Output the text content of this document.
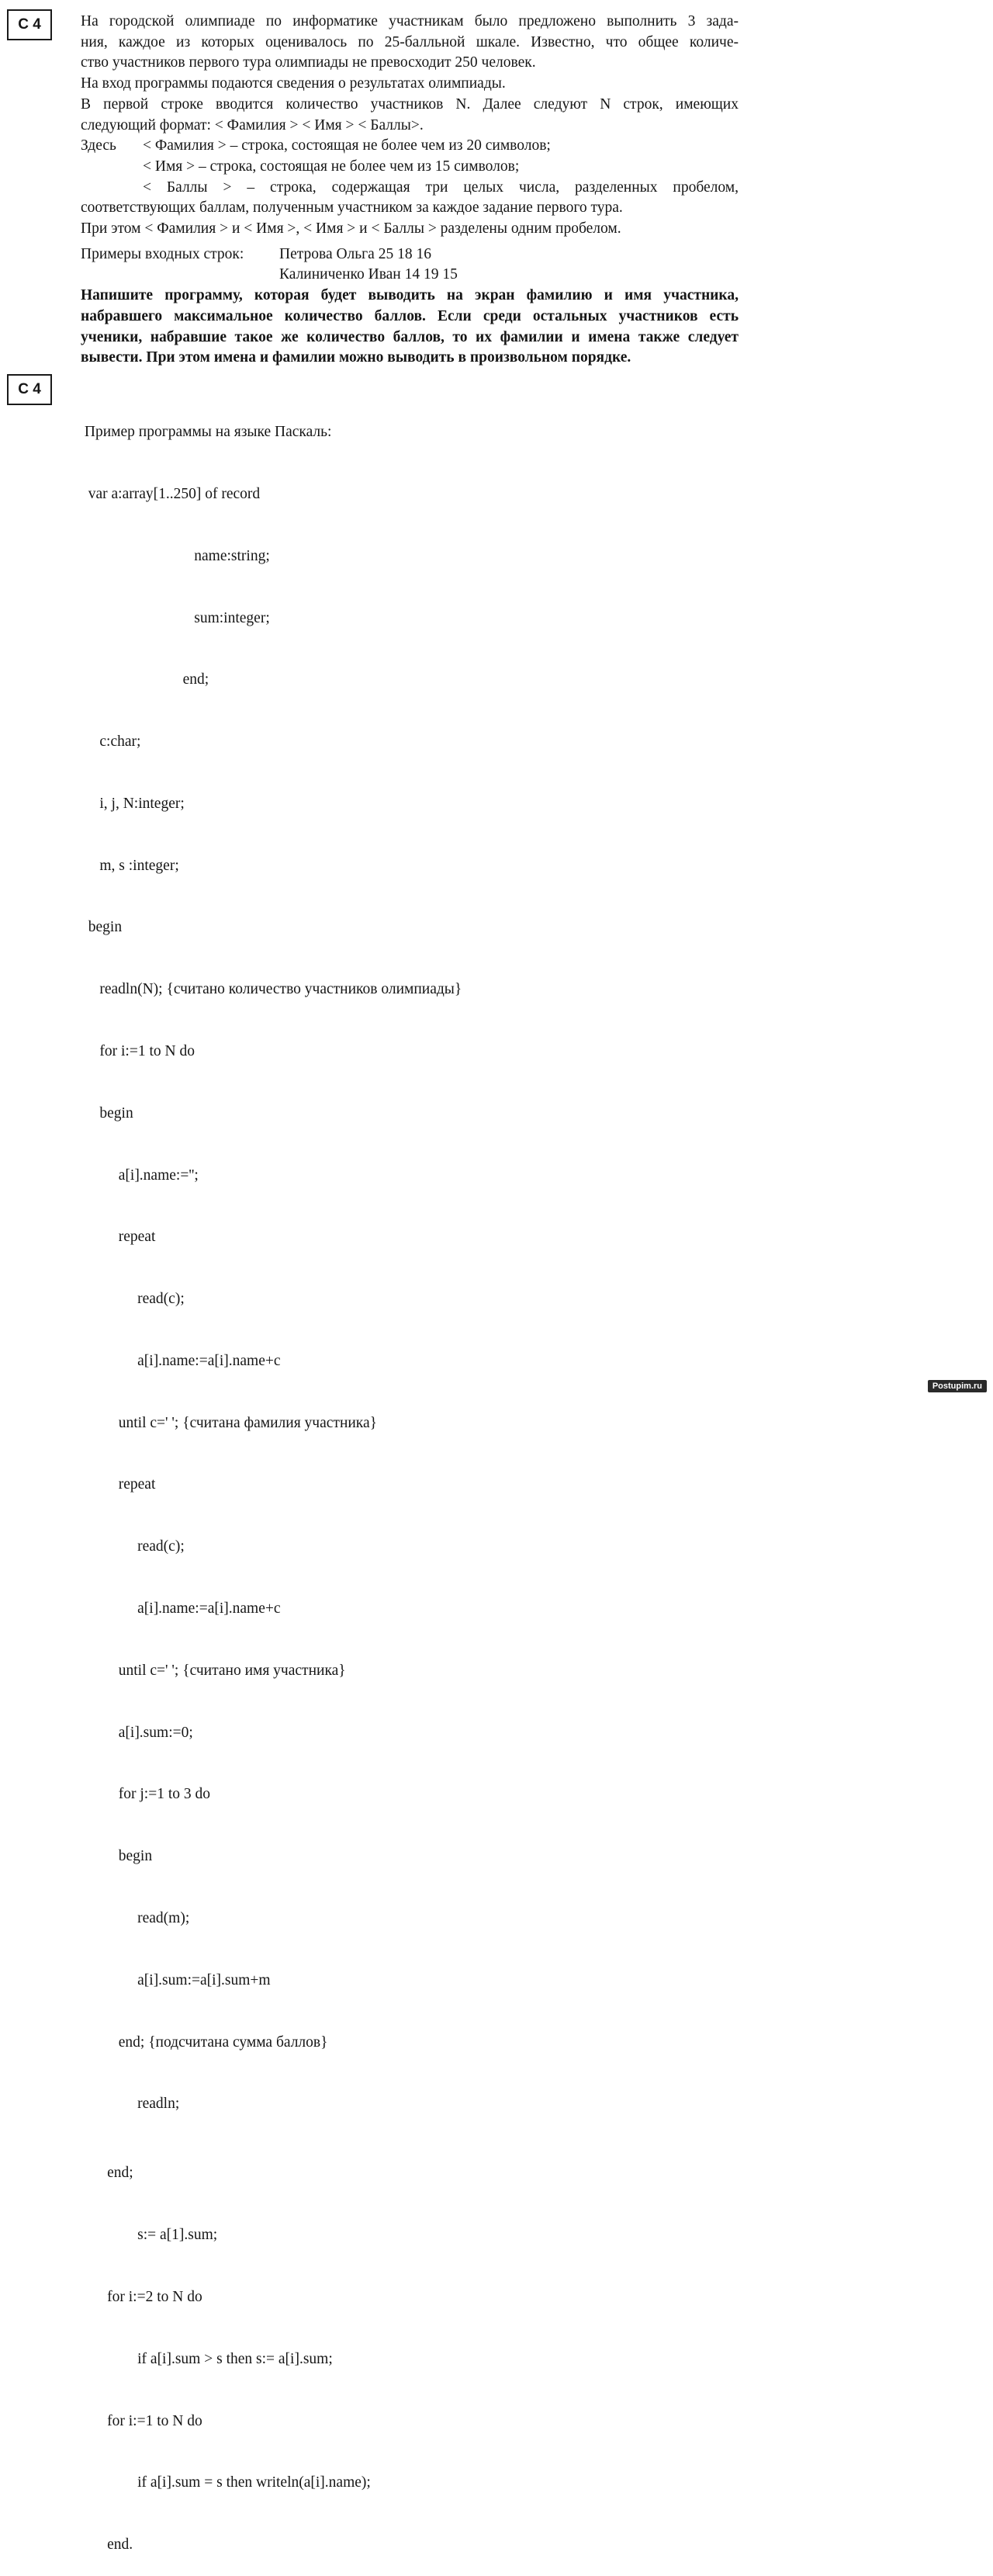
C 4	На городской олимпиаде по информатике участникам было предложено выполнить 3 зада-
ния, каждое из которых оценивалось по 25-балльной шкале. Известно, что общее количе-
ство участников первого тура олимпиады не превосходит 250 человек.
На вход программы подаются сведения о результатах олимпиады.
В первой строке вводится количество участников N. Далее следуют N строк, имеющих
следующий формат: < Фамилия > < Имя > < Баллы>.
Здесь	< Фамилия > – строка, состоящая не более чем из 20 символов;
< Имя > – строка, состоящая не более чем из 15 символов;
< Баллы > – строка, содержащая три целых числа, разделенных пробелом,
соответствующих баллам, полученным участником за каждое задание первого тура.
При этом < Фамилия > и < Имя >, < Имя > и < Баллы > разделены одним пробелом.
Примеры входных строк:	Петрова Ольга 25 18 16
Калиниченко Иван 14 19 15
Напишите программу, которая будет выводить на экран фамилию и имя участника,
набравшего максимальное количество баллов. Если среди остальных участников есть
ученики, набравшие такое же количество баллов, то их фамилии и имена также следует
вывести. При этом имена и фамилии можно выводить в произвольном порядке.
C 4

Пример программы на языке Паскаль:

var a:array[1..250] of record

name:string;

sum:integer;

end;

c:char;

i, j, N:integer;

m, s :integer;

begin

readln(N); {считано количество участников олимпиады}

for i:=1 to N do

begin

a[i].name:='';

repeat

read(c);

a[i].name:=a[i].name+c

until c=' '; {считана фамилия участника}

repeat

read(c);

a[i].name:=a[i].name+c

until c=' '; {считано имя участника}

a[i].sum:=0;

for j:=1 to 3 do

begin

read(m);

a[i].sum:=a[i].sum+m

end; {подсчитана сумма баллов}

readln;

end;

s:= a[1].sum;

for i:=2 to N do

if a[i].sum > s then s:= a[i].sum;

for i:=1 to N do

if a[i].sum = s then writeln(a[i].name);

end.

Postupim.ru
